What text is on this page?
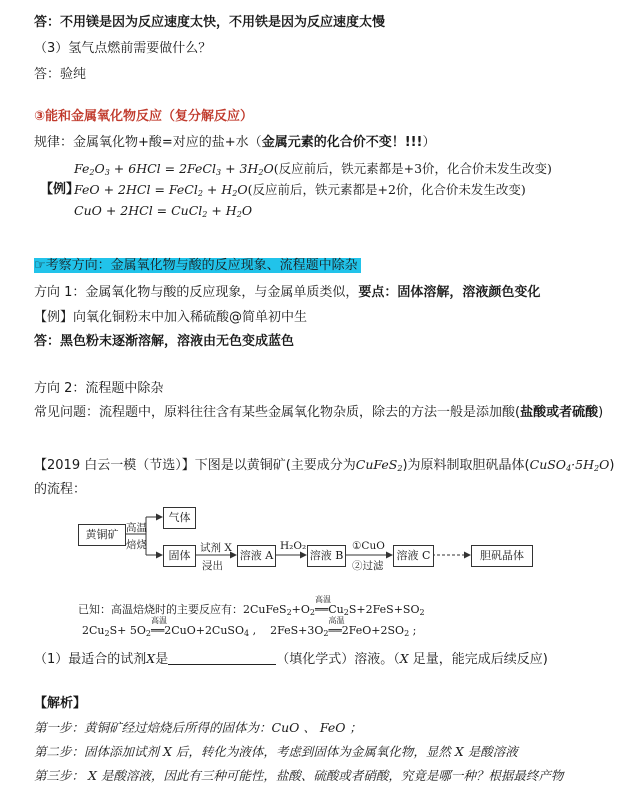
答：不用镁是因为反应速度太快，不用铁是因为反应速度太慢
（3）氢气点燃前需要做什么？
答：验纯
③能和金属氧化物反应（复分解反应）
规律：金属氧化物+酸=对应的盐+水（金属元素的化合价不变！!!!）
$Fe_2O_3 + 6HCl$ = 2FeCl$_3$ + $3H_2O$(反应前后，铁元素都是+3价，化合价未发生改变)
【例】
FeO + 2HCl = FeCl$_2$ + $H_2O$(反应前后，铁元素都是+2价，化合价未发生改变)
CuO + 2HCl = CuCl$_2$ + $H_2O$
☞考察方向：金属氧化物与酸的反应现象、流程题中除杂
方向 1：金属氧化物与酸的反应现象，与金属单质类似，要点：固体溶解，溶液颜色变化
【例】向氧化铜粉末中加入稀硫酸@简单初中生
答：黑色粉末逐渐溶解，溶液由无色变成蓝色
方向 2：流程题中除杂
常见问题：流程题中，原料往往含有某些金属氧化物杂质，除去的方法一般是添加酸(盐酸或者硫酸)
【2019 白云一模（节选）】下图是以黄铜矿(主要成分为CuFeS$_2$)为原料制取胆矾晶体$(CuSO_4\cdot 5H_2O)$
的流程：
黄铜矿 高温
焙烧
气体
固体
试剂 X
浸出
溶液 A
H₂O₂
溶液 B
①CuO
②过滤
溶液 C	胆矾晶体
已知：高温焙烧时的主要反应有：$2CuFeS_2+O_2$
高温
$══Cu_2S+2FeS+SO_2$
$2Cu_2S+ 5O_2$
高温
══2CuO+2CuSO$_4$ ,    $2FeS+3O_2$
高温
$══2FeO+2SO_2$ ;
（1）最适合的试剂X是	（填化学式）溶液。（X 足量，能完成后续反应)
【解析】
第一步：黄铜矿经过焙烧后所得的固体为：CuO 、 FeO ；
第二步：固体添加试剂 X 后，转化为液体，考虑到固体为金属氧化物，显然 X 是酸溶液
第三步： X 是酸溶液，因此有三种可能性，盐酸、硫酸或者硝酸，究竟是哪一种？根据最终产物
